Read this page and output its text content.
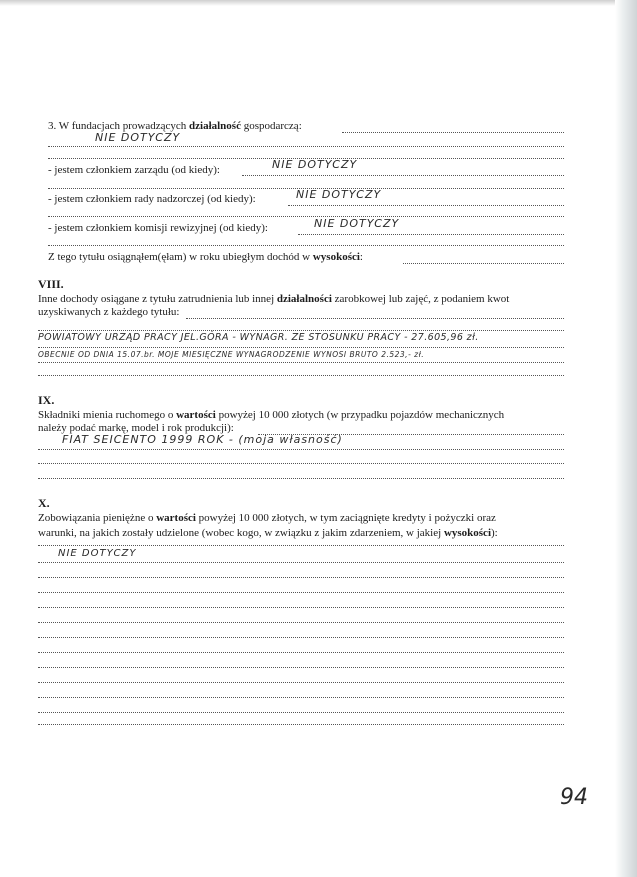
3. W fundacjach prowadzących działalność gospodarczą:
NIE DOTYCZY
- jestem członkiem zarządu (od kiedy):	NIE DOTYCZY
- jestem członkiem rady nadzorczej (od kiedy):	NIE DOTYCZY
- jestem członkiem komisji rewizyjnej (od kiedy):	NIE DOTYCZY
Z tego tytułu osiągnąłem(ęłam) w roku ubiegłym dochód w wysokości:
VIII.
Inne dochody osiągane z tytułu zatrudnienia lub innej działalności zarobkowej lub zajęć, z podaniem kwot
uzyskiwanych z każdego tytułu:
POWIATOWY URZĄD PRACY JEL.GÓRA - WYNAGR. ZE STOSUNKU PRACY - 27.605,96 zł.
OBECNIE OD DNIA 15.07.br. MOJE MIESIĘCZNE WYNAGRODZENIE WYNOSI BRUTO 2.523,- zł.
IX.
Składniki mienia ruchomego o wartości powyżej 10 000 złotych (w przypadku pojazdów mechanicznych
należy podać markę, model i rok produkcji):
FIAT SEICENTO 1999 ROK - (moja własność)
X.
Zobowiązania pieniężne o wartości powyżej 10 000 złotych, w tym zaciągnięte kredyty i pożyczki oraz
warunki, na jakich zostały udzielone (wobec kogo, w związku z jakim zdarzeniem, w jakiej wysokości):
NIE DOTYCZY
94
